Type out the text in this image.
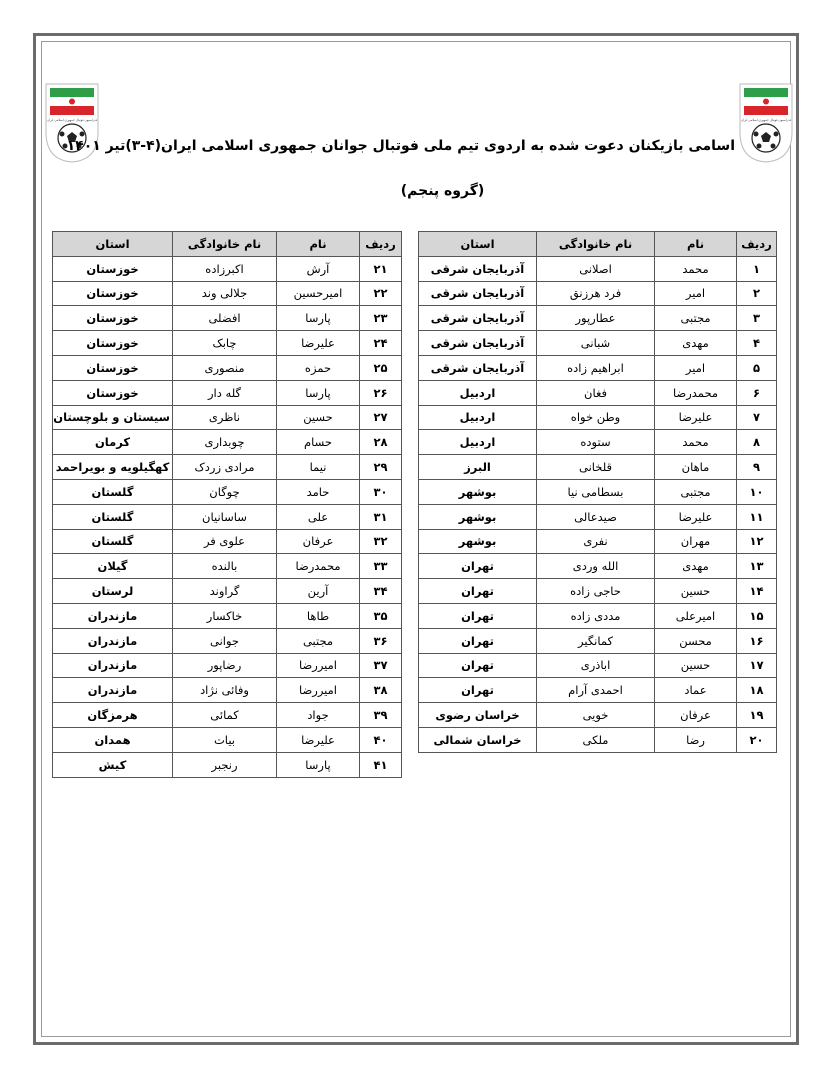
فدراسیون فوتبال جمهوری اسلامی ایران	فدراسیون فوتبال جمهوری اسلامی ایران
اسامی بازیکنان دعوت شده به اردوی تیم ملی فوتبال جوانان جمهوری اسلامی ایران(۴-۳)تیر ۱۴۰۱
(گروه پنجم)
ردیف	نام	نام خانوادگی	استان
۱	محمد	اصلانی	آذربایجان شرقی
۲	امیر	فرد هرزنق	آذربایجان شرقی
۳	مجتبی	عطارپور	آذربایجان شرقی
۴	مهدی	شبانی	آذربایجان شرقی
۵	امیر	ابراهیم زاده	آذربایجان شرقی
۶	محمدرضا	فغان	اردبیل
۷	علیرضا	وطن خواه	اردبیل
۸	محمد	ستوده	اردبیل
۹	ماهان	قلخانی	البرز
۱۰	مجتبی	بسطامی نیا	بوشهر
۱۱	علیرضا	صیدعالی	بوشهر
۱۲	مهران	نفری	بوشهر
۱۳	مهدی	الله وردی	تهران
۱۴	حسین	حاجی زاده	تهران
۱۵	امیرعلی	مددی زاده	تهران
۱۶	محسن	کمانگیر	تهران
۱۷	حسین	اباذری	تهران
۱۸	عماد	احمدی آرام	تهران
۱۹	عرفان	خویی	خراسان رضوی
۲۰	رضا	ملکی	خراسان شمالی
ردیف	نام	نام خانوادگی	استان
۲۱	آرش	اکبرزاده	خوزستان
۲۲	امیرحسین	جلالی وند	خوزستان
۲۳	پارسا	افضلی	خوزستان
۲۴	علیرضا	چابک	خوزستان
۲۵	حمزه	منصوری	خوزستان
۲۶	پارسا	گله دار	خوزستان
۲۷	حسین	ناظری	سیستان و بلوچستان
۲۸	حسام	چوبداری	کرمان
۲۹	نیما	مرادی زردک	کهگیلویه و بویراحمد
۳۰	حامد	چوگان	گلستان
۳۱	علی	ساسانیان	گلستان
۳۲	عرفان	علوی فر	گلستان
۳۳	محمدرضا	بالنده	گیلان
۳۴	آرین	گراوند	لرستان
۳۵	طاها	خاکسار	مازندران
۳۶	مجتبی	جوانی	مازندران
۳۷	امیررضا	رضاپور	مازندران
۳۸	امیررضا	وفائی نژاد	مازندران
۳۹	جواد	کمائی	هرمزگان
۴۰	علیرضا	بیات	همدان
۴۱	پارسا	رنجبر	کیش
